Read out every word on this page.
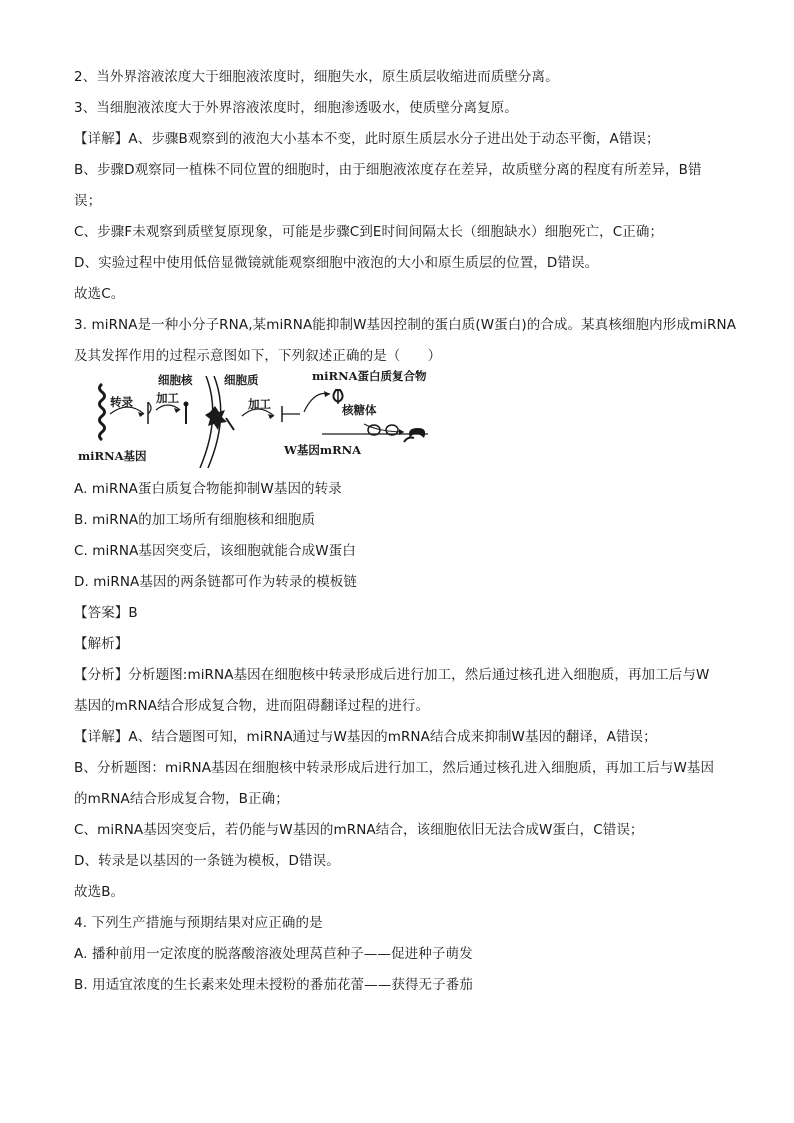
2、当外界溶液浓度大于细胞液浓度时，细胞失水，原生质层收缩进而质壁分离。
3、当细胞液浓度大于外界溶液浓度时，细胞渗透吸水，使质壁分离复原。
【详解】A、步骤B观察到的液泡大小基本不变，此时原生质层水分子进出处于动态平衡，A错误；
B、步骤D观察同一植株不同位置的细胞时，由于细胞液浓度存在差异，故质壁分离的程度有所差异，B错
误；
C、步骤F未观察到质壁复原现象，可能是步骤C到E时间间隔太长（细胞缺水）细胞死亡，C正确；
D、实验过程中使用低倍显微镜就能观察细胞中液泡的大小和原生质层的位置，D错误。
故选C。
3. miRNA是一种小分子RNA,某miRNA能抑制W基因控制的蛋白质(W蛋白)的合成。某真核细胞内形成miRNA
及其发挥作用的过程示意图如下，下列叙述正确的是（　　）
miRNA基因
转录 加工
细胞核	细胞质
加工
miRNA蛋白质复合物
核糖体
W基因mRNA
A. miRNA蛋白质复合物能抑制W基因的转录
B. miRNA的加工场所有细胞核和细胞质
C. miRNA基因突变后，该细胞就能合成W蛋白
D. miRNA基因的两条链都可作为转录的模板链
【答案】B
【解析】
【分析】分析题图:miRNA基因在细胞核中转录形成后进行加工，然后通过核孔进入细胞质，再加工后与W
基因的mRNA结合形成复合物，进而阻碍翻译过程的进行。
【详解】A、结合题图可知，miRNA通过与W基因的mRNA结合成来抑制W基因的翻译，A错误；
B、分析题图：miRNA基因在细胞核中转录形成后进行加工，然后通过核孔进入细胞质，再加工后与W基因
的mRNA结合形成复合物，B正确；
C、miRNA基因突变后，若仍能与W基因的mRNA结合，该细胞依旧无法合成W蛋白，C错误；
D、转录是以基因的一条链为模板，D错误。
故选B。
4. 下列生产措施与预期结果对应正确的是
A. 播种前用一定浓度的脱落酸溶液处理莴苣种子——促进种子萌发
B. 用适宜浓度的生长素来处理未授粉的番茄花蕾——获得无子番茄
